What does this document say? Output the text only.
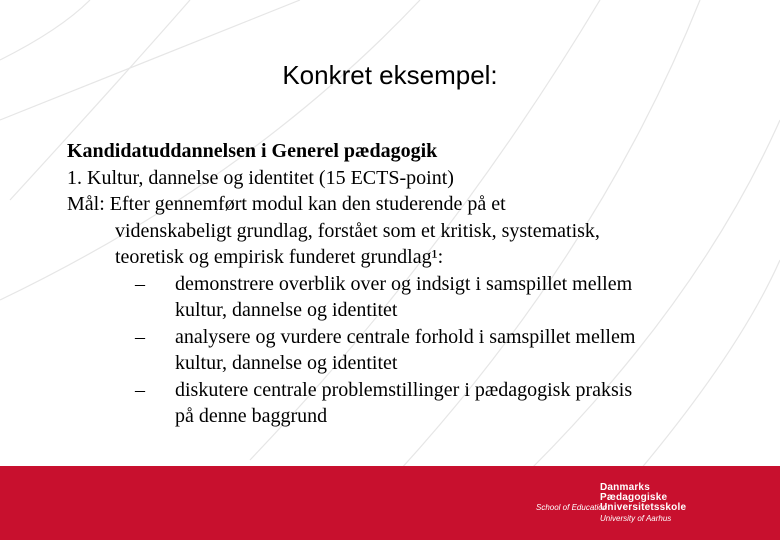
Konkret eksempel:
Kandidatuddannelsen i Generel pædagogik
1. Kultur, dannelse og identitet (15 ECTS-point)
Mål: Efter gennemført modul kan den studerende på et
videnskabeligt grundlag, forstået som et kritisk, systematisk,
teoretisk og empirisk funderet grundlag¹:
– demonstrere overblik over og indsigt i samspillet mellem
kultur, dannelse og identitet
– analysere og vurdere centrale forhold i samspillet mellem
kultur, dannelse og identitet
– diskutere centrale problemstillinger i pædagogisk praksis
på denne baggrund
Danmarks
Pædagogiske
Universitetsskole
School of Education
University of Aarhus
